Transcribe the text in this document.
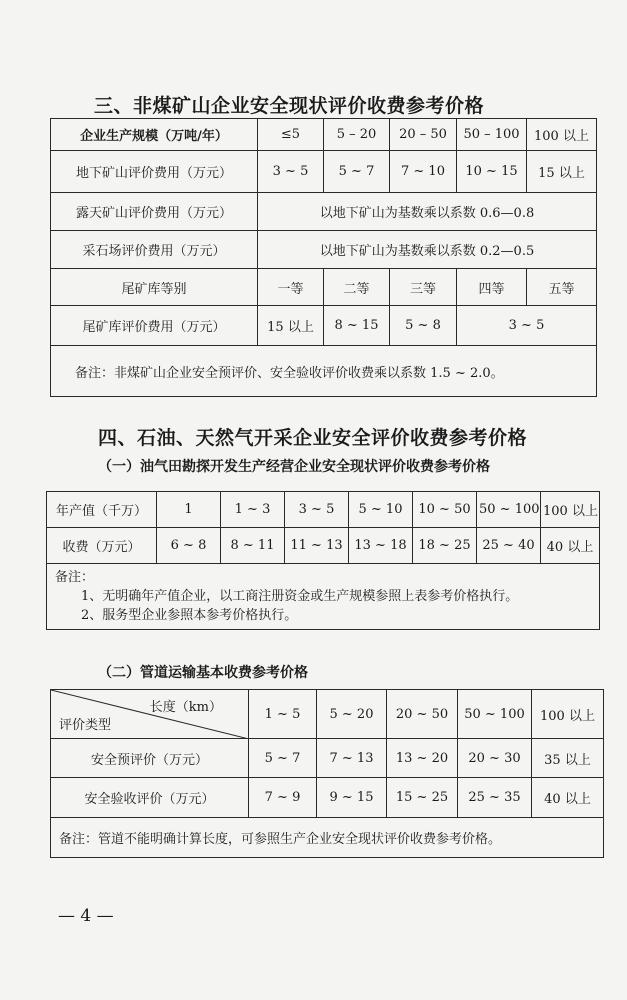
三、非煤矿山企业安全现状评价收费参考价格
企业生产规模（万吨/年）	≤5	5 – 20	20 – 50	50 – 100	100 以上
地下矿山评价费用（万元）	3 ~ 5	5 ~ 7	7 ~ 10	10 ~ 15	15 以上
露天矿山评价费用（万元）	以地下矿山为基数乘以系数 0.6—0.8				
采石场评价费用（万元）	以地下矿山为基数乘以系数 0.2—0.5				
尾矿库等别	一等	二等	三等	四等	五等
尾矿库评价费用（万元）	15 以上	8 ~ 15	5 ~ 8	3 ~ 5	
备注：非煤矿山企业安全预评价、安全验收评价收费乘以系数 1.5 ~ 2.0。					
四、石油、天然气开采企业安全评价收费参考价格
（一）油气田勘探开发生产经营企业安全现状评价收费参考价格
年产值（千万）	1	1 ~ 3	3 ~ 5	5 ~ 10	10 ~ 50	50 ~ 100	100 以上
收费（万元）	6 ~ 8	8 ~ 11	11 ~ 13	13 ~ 18	18 ~ 25	25 ~ 40	40 以上

备注：
1、无明确年产值企业，以工商注册资金或生产规模参照上表参考价格执行。
2、服务型企业参照本参考价格执行。							
（二）管道运输基本收费参考价格
长度（km）
评价类型	1 ~ 5	5 ~ 20	20 ~ 50	50 ~ 100	100 以上
安全预评价（万元）	5 ~ 7	7 ~ 13	13 ~ 20	20 ~ 30	35 以上
安全验收评价（万元）	7 ~ 9	9 ~ 15	15 ~ 25	25 ~ 35	40 以上
备注：管道不能明确计算长度，可参照生产企业安全现状评价收费参考价格。					
— 4 —
